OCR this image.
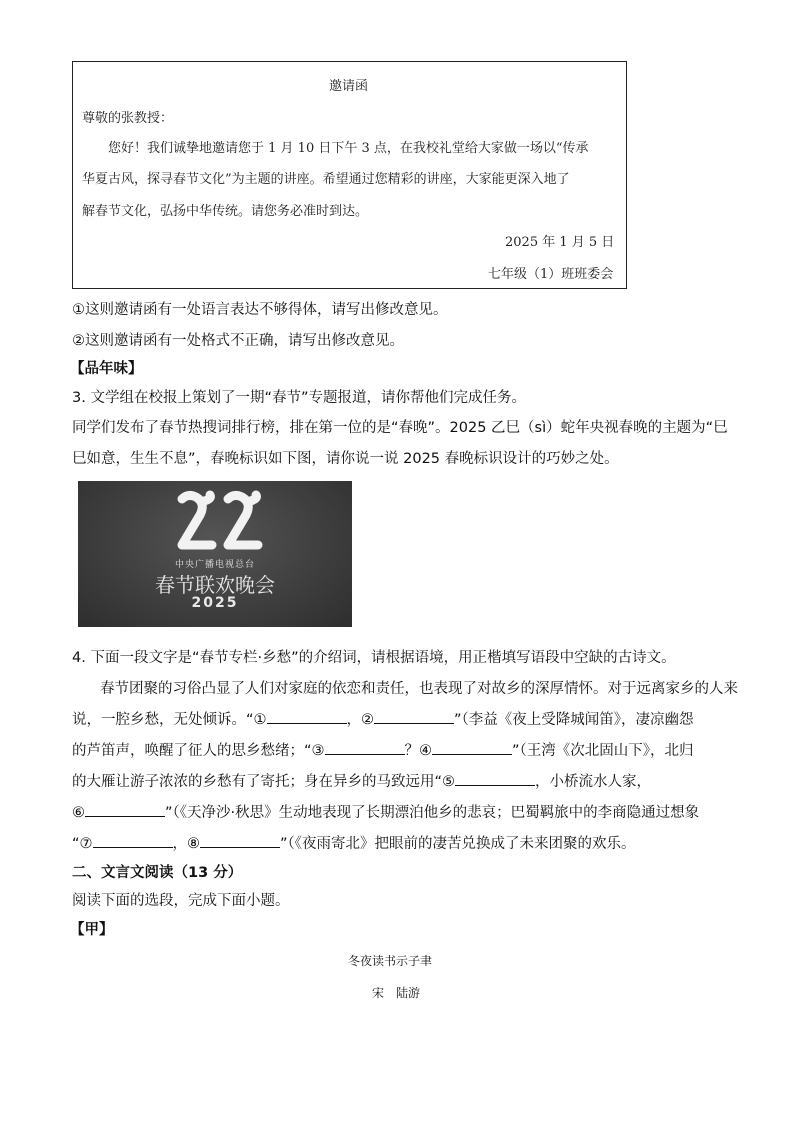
邀请函
尊敬的张教授：
您好！我们诚挚地邀请您于 1 月 10 日下午 3 点，在我校礼堂给大家做一场以“传承
华夏古风，探寻春节文化”为主题的讲座。希望通过您精彩的讲座，大家能更深入地了
解春节文化，弘扬中华传统。请您务必准时到达。
2025 年 1 月 5 日
七年级（1）班班委会
①这则邀请函有一处语言表达不够得体，请写出修改意见。
②这则邀请函有一处格式不正确，请写出修改意见。
【品年味】
3. 文学组在校报上策划了一期“春节”专题报道，请你帮他们完成任务。
同学们发布了春节热搜词排行榜，排在第一位的是“春晚”。2025 乙巳（sì）蛇年央视春晚的主题为“巳
巳如意，生生不息”，春晚标识如下图，请你说一说 2025 春晚标识设计的巧妙之处。
中央广播电视总台
春节联欢晚会
2025
4. 下面一段文字是“春节专栏·乡愁”的介绍词，请根据语境，用正楷填写语段中空缺的古诗文。
春节团聚的习俗凸显了人们对家庭的依恋和责任，也表现了对故乡的深厚情怀。对于远离家乡的人来
说，一腔乡愁，无处倾诉。“①	，②	”（李益《夜上受降城闻笛》，凄凉幽怨
的芦笛声，唤醒了征人的思乡愁绪；“③	？④	”（王湾《次北固山下》，北归
的大雁让游子浓浓的乡愁有了寄托；身在异乡的马致远用“⑤	，小桥流水人家，
⑥	”（《天净沙·秋思》生动地表现了长期漂泊他乡的悲哀；巴蜀羁旅中的李商隐通过想象
“⑦	，⑧	”（《夜雨寄北》把眼前的凄苦兑换成了未来团聚的欢乐。
二、文言文阅读（13 分）
阅读下面的选段，完成下面小题。
【甲】
冬夜读书示子聿
宋　陆游
